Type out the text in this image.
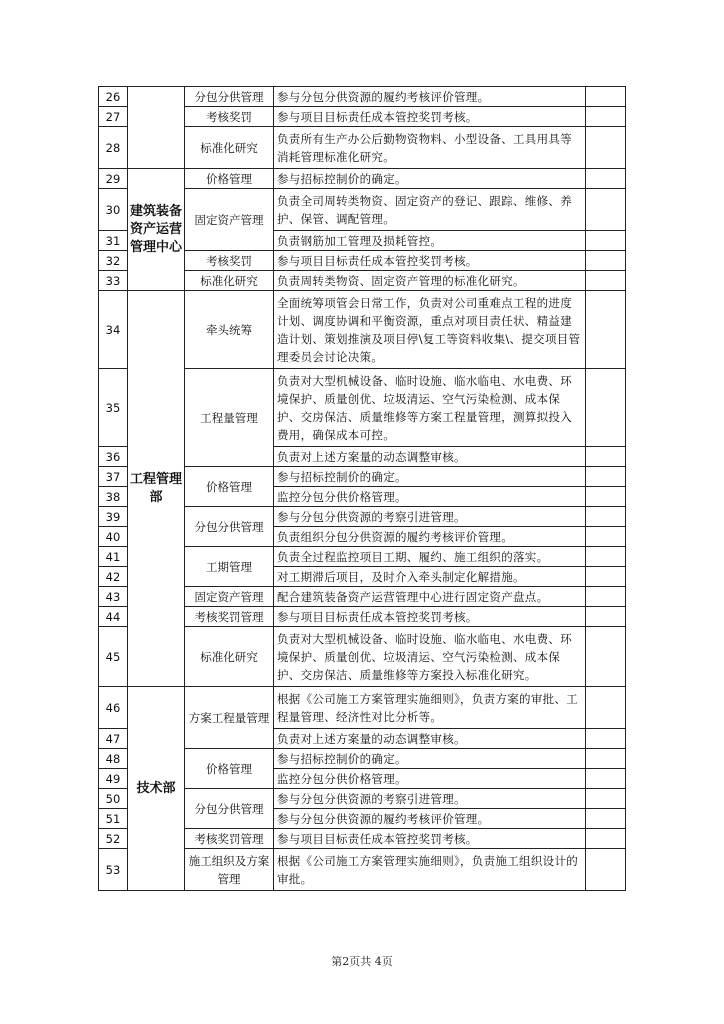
26		分包分供管理	参与分包分供资源的履约考核评价管理。	
27		考核奖罚	参与项目目标责任成本管控奖罚考核。	
28		标准化研究	负责所有生产办公后勤物资物料、小型设备、工具用具等消耗管理标准化研究。	
29	建筑装备资产运营管理中心	价格管理	参与招标控制价的确定。	
30		固定资产管理	负责全司周转类物资、固定资产的登记、跟踪、维修、养护、保管、调配管理。	
31			负责钢筋加工管理及损耗管控。	
32		考核奖罚	参与项目目标责任成本管控奖罚考核。	
33		标准化研究	负责周转类物资、固定资产管理的标准化研究。	
34	工程管理部	牵头统筹	全面统筹项管会日常工作，负责对公司重难点工程的进度计划、调度协调和平衡资源，重点对项目责任状、精益建造计划、策划推演及项目停\复工等资料收集\、提交项目管理委员会讨论决策。	
35		工程量管理	负责对大型机械设备、临时设施、临水临电、水电费、环境保护、质量创优、垃圾清运、空气污染检测、成本保护、交房保洁、质量维修等方案工程量管理，测算拟投入费用，确保成本可控。	
36			负责对上述方案量的动态调整审核。	
37		价格管理	参与招标控制价的确定。	
38			监控分包分供价格管理。	
39		分包分供管理	参与分包分供资源的考察引进管理。	
40			负责组织分包分供资源的履约考核评价管理。	
41		工期管理	负责全过程监控项目工期、履约、施工组织的落实。	
42			对工期滞后项目，及时介入牵头制定化解措施。	
43		固定资产管理	配合建筑装备资产运营管理中心进行固定资产盘点。	
44		考核奖罚管理	参与项目目标责任成本管控奖罚考核。	
45		标准化研究	负责对大型机械设备、临时设施、临水临电、水电费、环境保护、质量创优、垃圾清运、空气污染检测、成本保护、交房保洁、质量维修等方案投入标准化研究。	
46	技术部	方案工程量管理	根据《公司施工方案管理实施细则》，负责方案的审批、工程量管理、经济性对比分析等。	
47			负责对上述方案量的动态调整审核。	
48		价格管理	参与招标控制价的确定。	
49			监控分包分供价格管理。	
50		分包分供管理	参与分包分供资源的考察引进管理。	
51			参与分包分供资源的履约考核评价管理。	
52		考核奖罚管理	参与项目目标责任成本管控奖罚考核。	
53		施工组织及方案管理	根据《公司施工方案管理实施细则》，负责施工组织设计的审批。	
第2页共 4页
